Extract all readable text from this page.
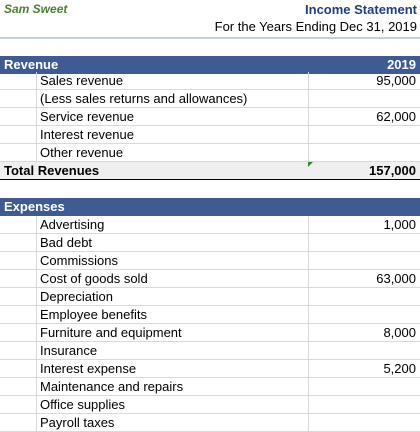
Sam Sweet	Income Statement
For the Years Ending Dec 31, 2019
Revenue	2019
Sales revenue	95,000
(Less sales returns and allowances)
Service revenue	62,000
Interest revenue
Other revenue
Total Revenues	157,000
Expenses
Advertising	1,000
Bad debt
Commissions
Cost of goods sold	63,000
Depreciation
Employee benefits
Furniture and equipment	8,000
Insurance
Interest expense	5,200
Maintenance and repairs
Office supplies
Payroll taxes
